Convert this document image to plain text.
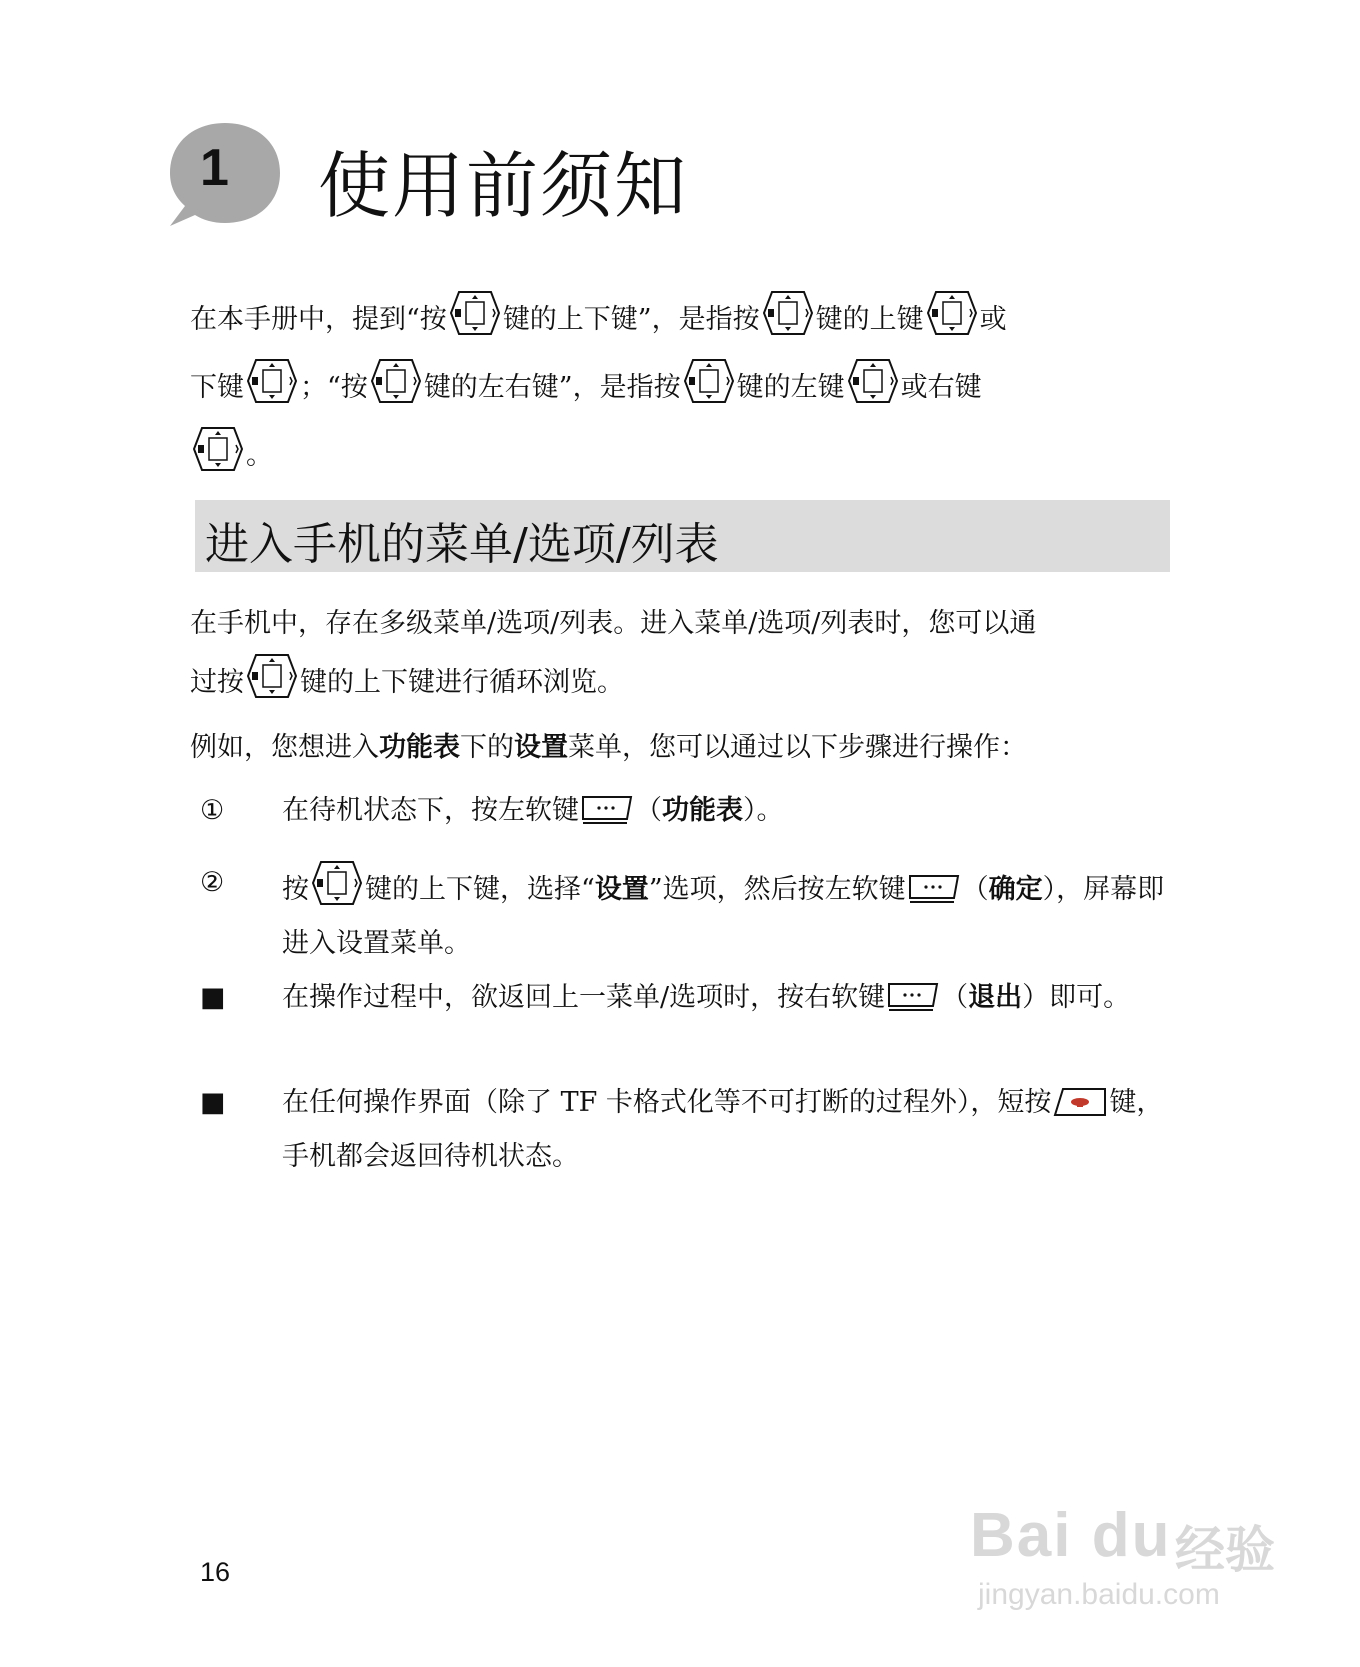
1 使用前须知
在本手册中，提到“按 键的上下键”，是指按 键的上键 或
下键 ；“按 键的左右键”，是指按 键的左键 或右键
。
进入手机的菜单/选项/列表
在手机中，存在多级菜单/选项/列表。进入菜单/选项/列表时，您可以通
过按 键的上下键进行循环浏览。
例如，您想进入功能表下的设置菜单，您可以通过以下步骤进行操作：
①	在待机状态下，按左软键 （功能表）。
②	按 键的上下键，选择“设置”选项，然后按左软键 （确定），屏幕即进入设置菜单。
■	在操作过程中，欲返回上一菜单/选项时，按右软键 （退出）即可。
■	在任何操作界面（除了 TF 卡格式化等不可打断的过程外），短按 键，手机都会返回待机状态。
16
Bai du 经验
jingyan.baidu.com
